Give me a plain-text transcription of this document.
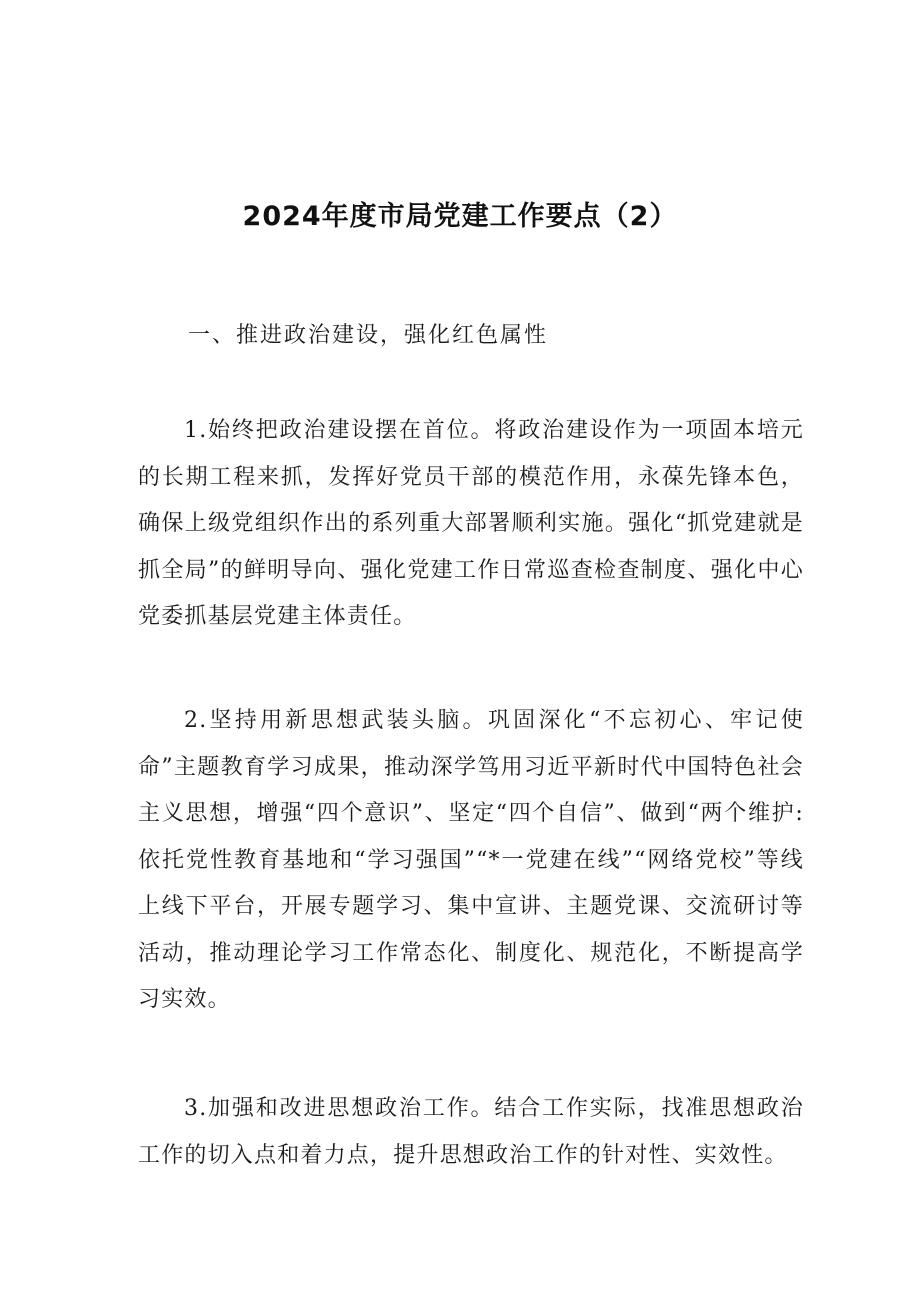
2024年度市局党建工作要点（2）

一、推进政治建设，强化红色属性

1.始终把政治建设摆在首位。将政治建设作为一项固本培元的长期工程来抓，发挥好党员干部的模范作用，永葆先锋本色，确保上级党组织作出的系列重大部署顺利实施。强化“抓党建就是抓全局”的鲜明导向、强化党建工作日常巡查检查制度、强化中心党委抓基层党建主体责任。

2.坚持用新思想武装头脑。巩固深化“不忘初心、牢记使命”主题教育学习成果，推动深学笃用习近平新时代中国特色社会主义思想，增强“四个意识”、坚定“四个自信”、做到“两个维护:依托党性教育基地和“学习强国”“*一党建在线”“网络党校”等线上线下平台，开展专题学习、集中宣讲、主题党课、交流研讨等活动，推动理论学习工作常态化、制度化、规范化，不断提高学习实效。

3.加强和改进思想政治工作。结合工作实际，找准思想政治工作的切入点和着力点，提升思想政治工作的针对性、实效性。
